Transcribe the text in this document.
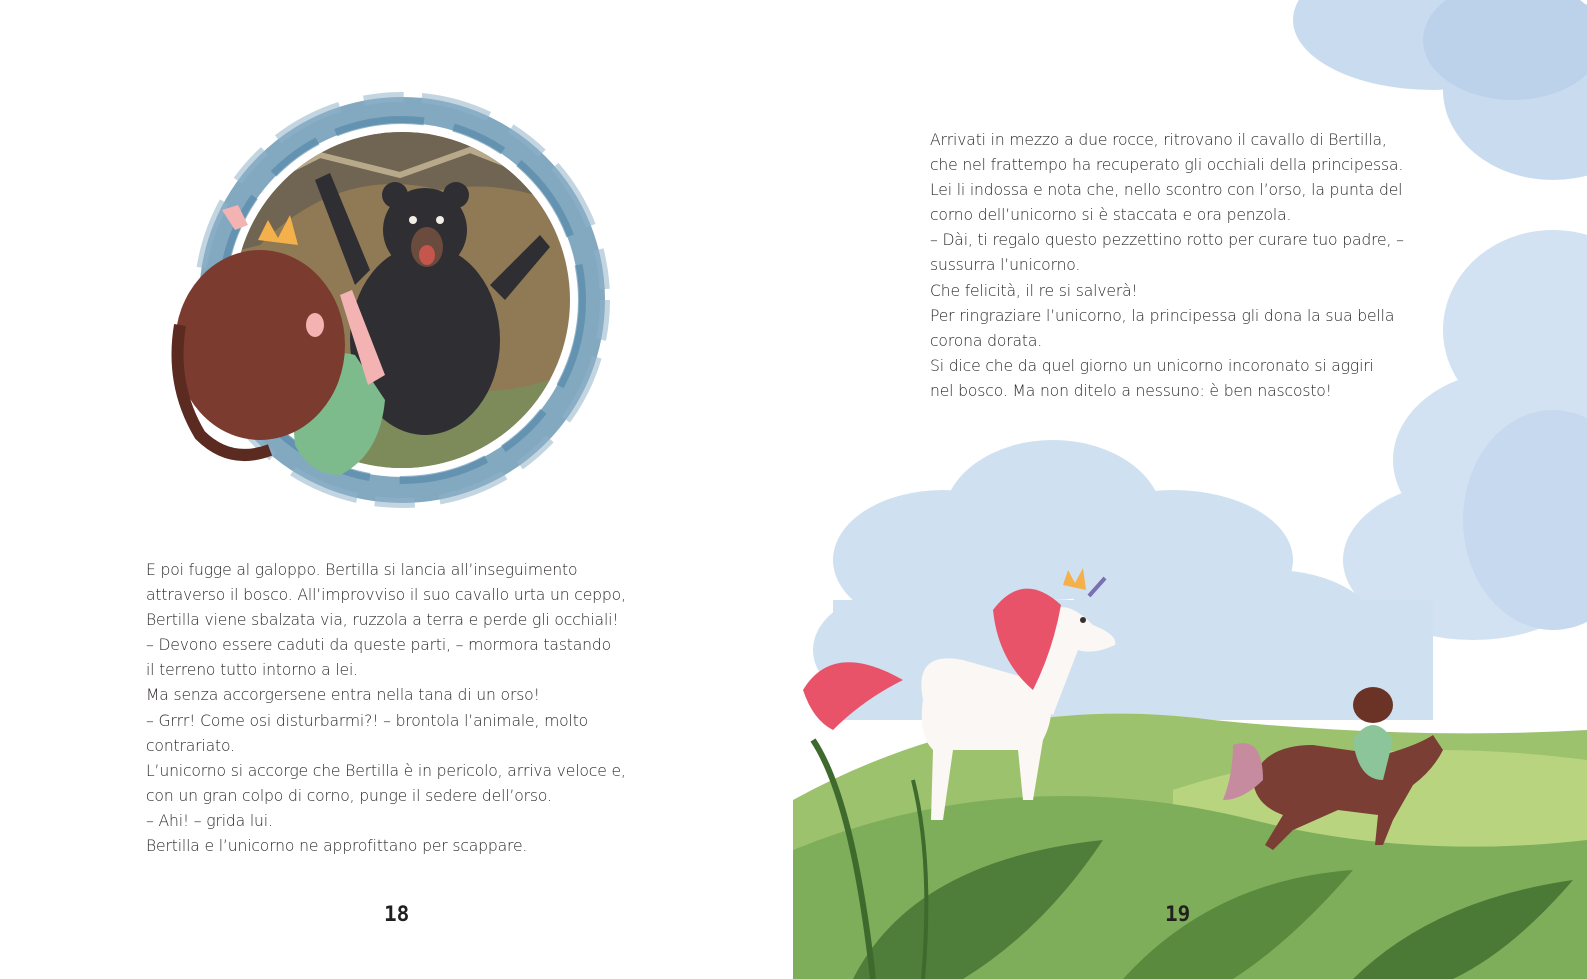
E poi fugge al galoppo. Bertilla si lancia all’inseguimento
attraverso il bosco. All’improvviso il suo cavallo urta un ceppo,
Bertilla viene sbalzata via, ruzzola a terra e perde gli occhiali!
– Devono essere caduti da queste parti, – mormora tastando
il terreno tutto intorno a lei.
Ma senza accorgersene entra nella tana di un orso!
– Grrr! Come osi disturbarmi?! – brontola l’animale, molto
contrariato.
L’unicorno si accorge che Bertilla è in pericolo, arriva veloce e,
con un gran colpo di corno, punge il sedere dell’orso.
– Ahi! – grida lui.
Bertilla e l’unicorno ne approfittano per scappare.
18
Arrivati in mezzo a due rocce, ritrovano il cavallo di Bertilla,
che nel frattempo ha recuperato gli occhiali della principessa.
Lei li indossa e nota che, nello scontro con l’orso, la punta del
corno dell’unicorno si è staccata e ora penzola.
– Dài, ti regalo questo pezzettino rotto per curare tuo padre, –
sussurra l’unicorno.
Che felicità, il re si salverà!
Per ringraziare l’unicorno, la principessa gli dona la sua bella
corona dorata.
Si dice che da quel giorno un unicorno incoronato si aggiri
nel bosco. Ma non ditelo a nessuno: è ben nascosto!
19
